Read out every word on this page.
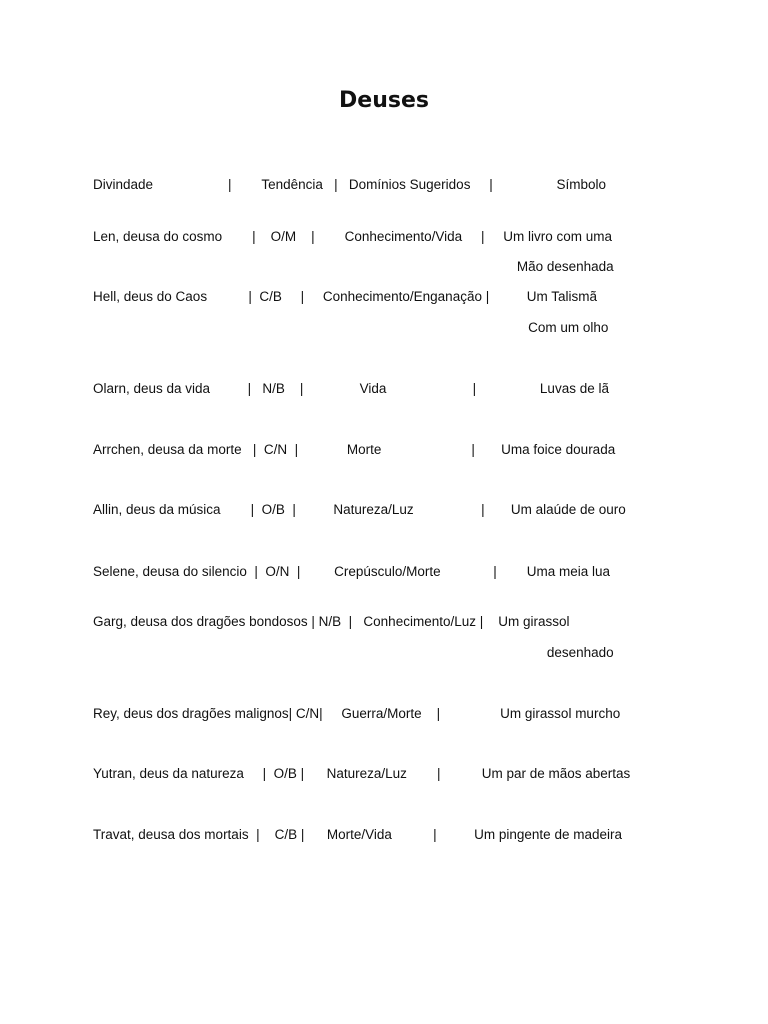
Deuses
Divindade                    |        Tendência   |   Domínios Sugeridos     |                 Símbolo
Len, deusa do cosmo        |    O/M    |        Conhecimento/Vida     |     Um livro com uma
Mão desenhada
Hell, deus do Caos           |  C/B     |     Conhecimento/Enganação |          Um Talismã
Com um olho
Olarn, deus da vida          |   N/B    |               Vida                       |                 Luvas de lã
Arrchen, deusa da morte   |  C/N  |             Morte                        |       Uma foice dourada
Allin, deus da música        |  O/B  |          Natureza/Luz                  |       Um alaúde de ouro
Selene, deusa do silencio  |  O/N  |         Crepúsculo/Morte              |        Uma meia lua
Garg, deusa dos dragões bondosos | N/B  |   Conhecimento/Luz |    Um girassol
desenhado
Rey, deus dos dragões malignos| C/N|     Guerra/Morte    |                Um girassol murcho
Yutran, deus da natureza     |  O/B |      Natureza/Luz        |           Um par de mãos abertas
Travat, deusa dos mortais  |    C/B |      Morte/Vida           |          Um pingente de madeira
